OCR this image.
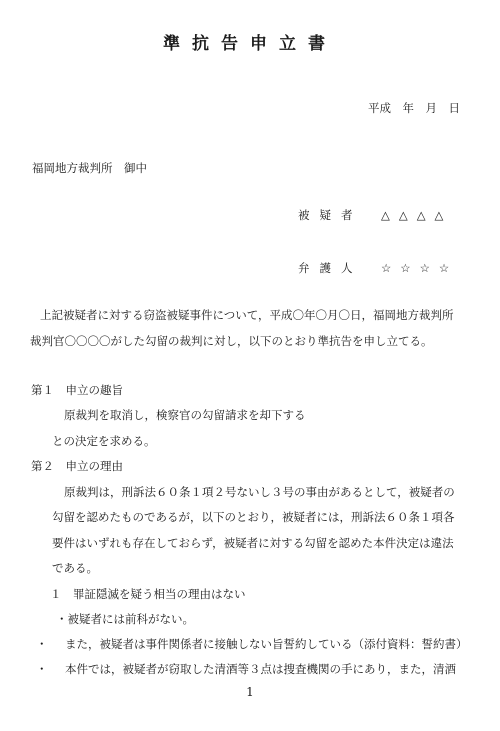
準抗告申立書
平成　年　月　日
福岡地方裁判所　御中
被疑者 △△△△
弁護人 ☆☆☆☆
上記被疑者に対する窃盗被疑事件について，平成〇年〇月〇日，福岡地方裁判所
裁判官〇〇〇〇がした勾留の裁判に対し，以下のとおり準抗告を申し立てる。
第１　申立の趣旨
原裁判を取消し，検察官の勾留請求を却下する
との決定を求める。
第２　申立の理由
原裁判は，刑訴法６０条１項２号ないし３号の事由があるとして，被疑者の
勾留を認めたものであるが，以下のとおり，被疑者には，刑訴法６０条１項各
要件はいずれも存在しておらず，被疑者に対する勾留を認めた本件決定は違法
である。
１　罪証隠滅を疑う相当の理由はない
・被疑者には前科がない。
・ また，被疑者は事件関係者に接触しない旨誓約している（添付資料：誓約書）
・ 本件では，被疑者が窃取した清酒等３点は捜査機関の手にあり，また，清酒
1
